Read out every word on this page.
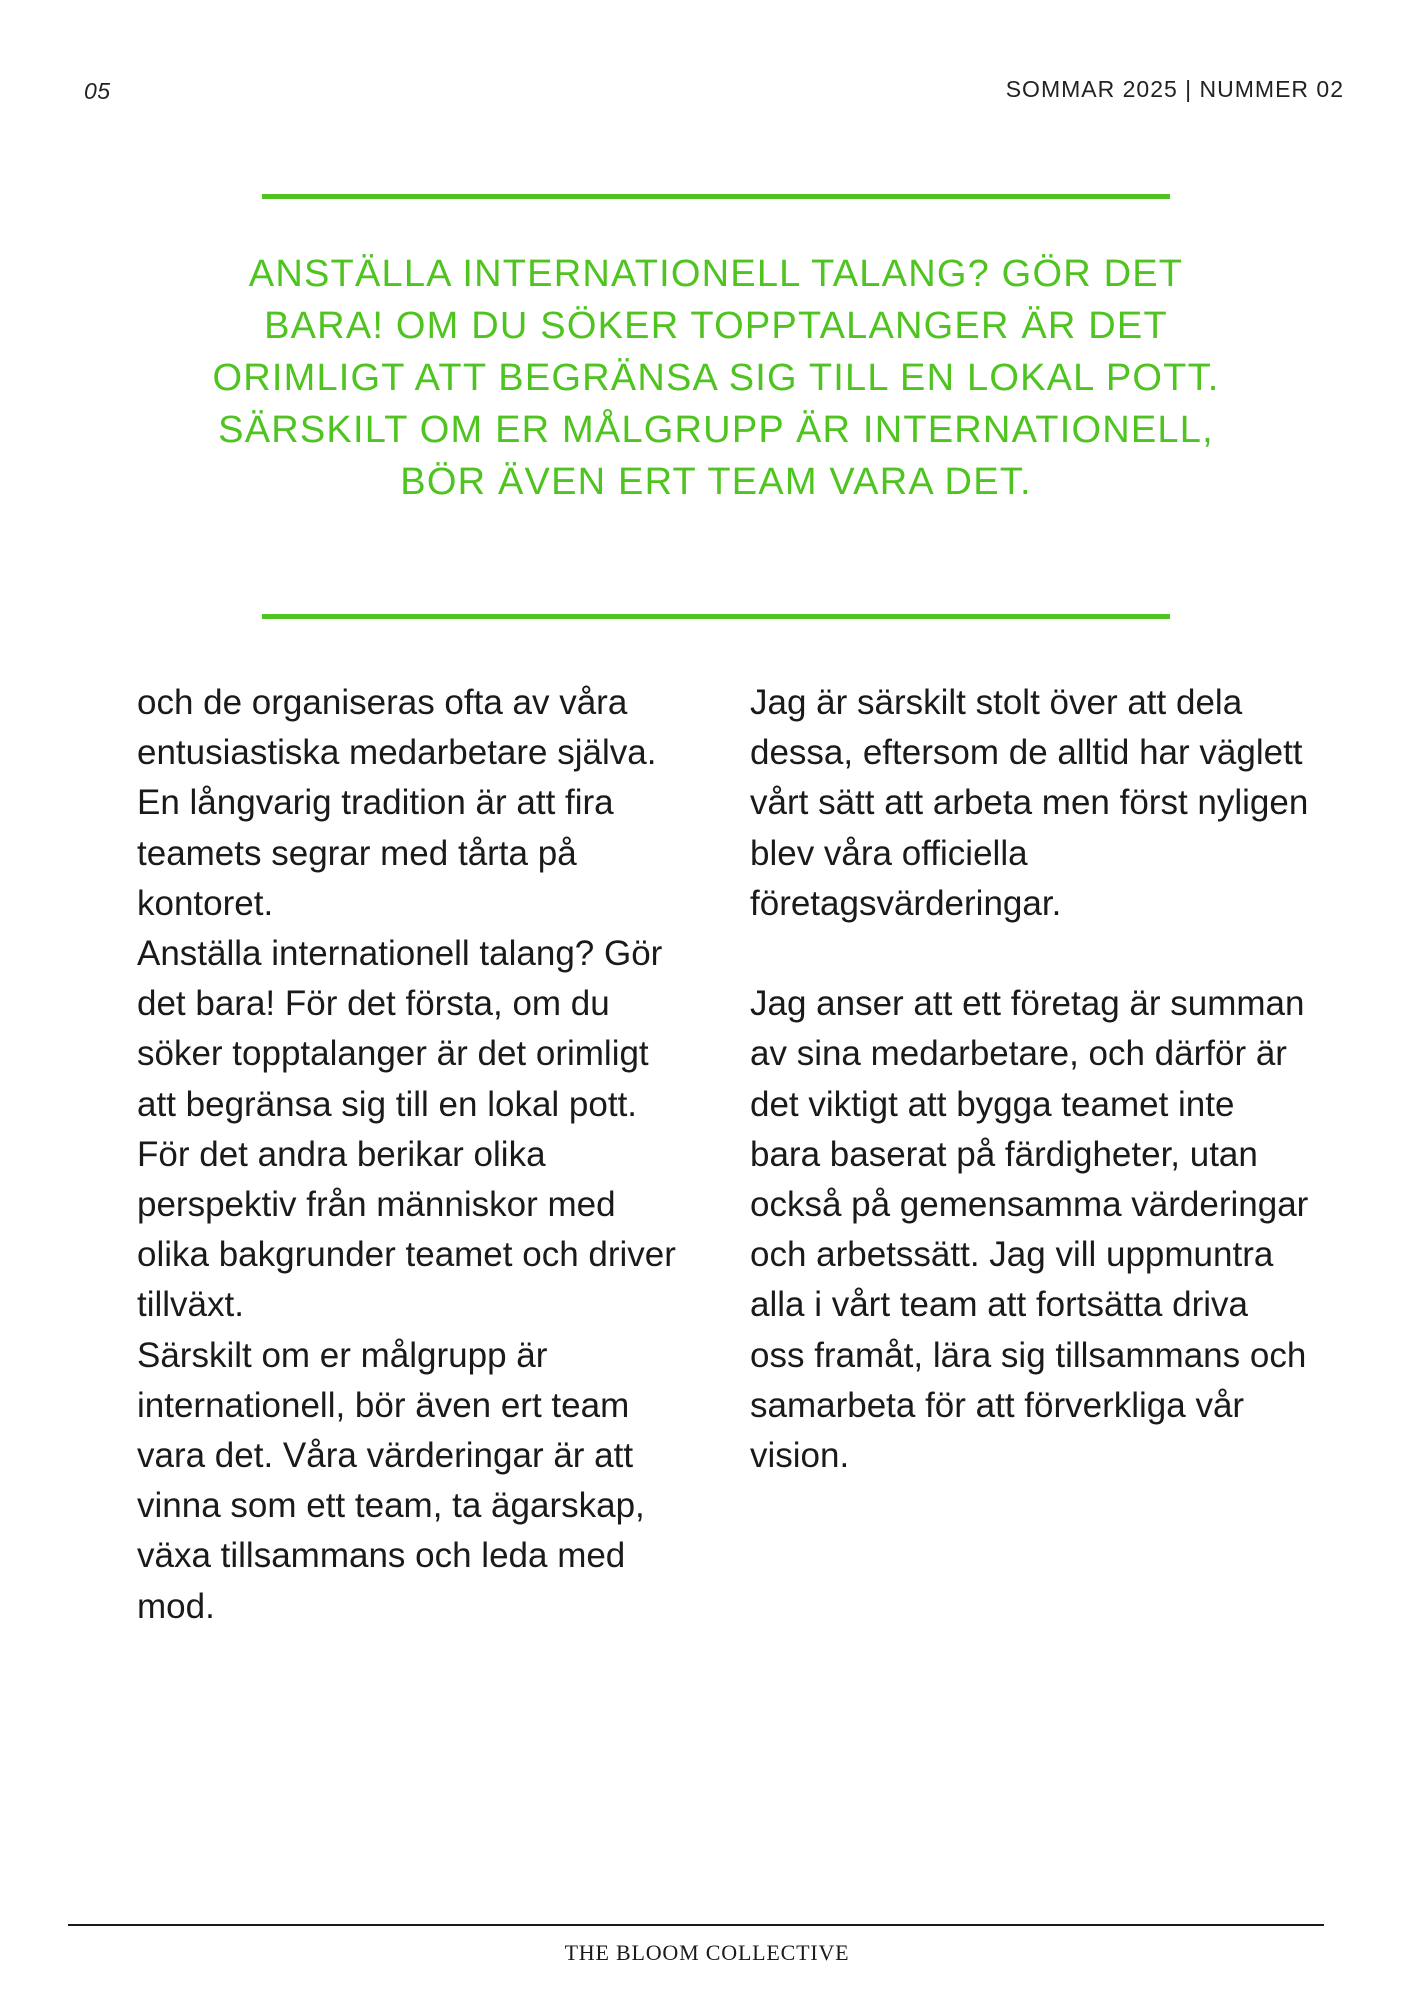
05	SOMMAR 2025 | NUMMER 02
ANSTÄLLA INTERNATIONELL TALANG? GÖR DET BARA! OM DU SÖKER TOPPTALANGER ÄR DET ORIMLIGT ATT BEGRÄNSA SIG TILL EN LOKAL POTT. SÄRSKILT OM ER MÅLGRUPP ÄR INTERNATIONELL, BÖR ÄVEN ERT TEAM VARA DET.

och de organiseras ofta av våra entusiastiska medarbetare själva. En långvarig tradition är att fira teamets segrar med tårta på kontoret.

Anställa internationell talang? Gör det bara! För det första, om du söker topptalanger är det orimligt att begränsa sig till en lokal pott. För det andra berikar olika perspektiv från människor med olika bakgrunder teamet och driver tillväxt.

Särskilt om er målgrupp är internationell, bör även ert team vara det. Våra värderingar är att vinna som ett team, ta ägarskap, växa tillsammans och leda med mod.

Jag är särskilt stolt över att dela dessa, eftersom de alltid har väglett vårt sätt att arbeta men först nyligen blev våra officiella företagsvärderingar.

Jag anser att ett företag är summan av sina medarbetare, och därför är det viktigt att bygga teamet inte bara baserat på färdigheter, utan också på gemensamma värderingar och arbetssätt. Jag vill uppmuntra alla i vårt team att fortsätta driva oss framåt, lära sig tillsammans och samarbeta för att förverkliga vår vision.

THE BLOOM COLLECTIVE
